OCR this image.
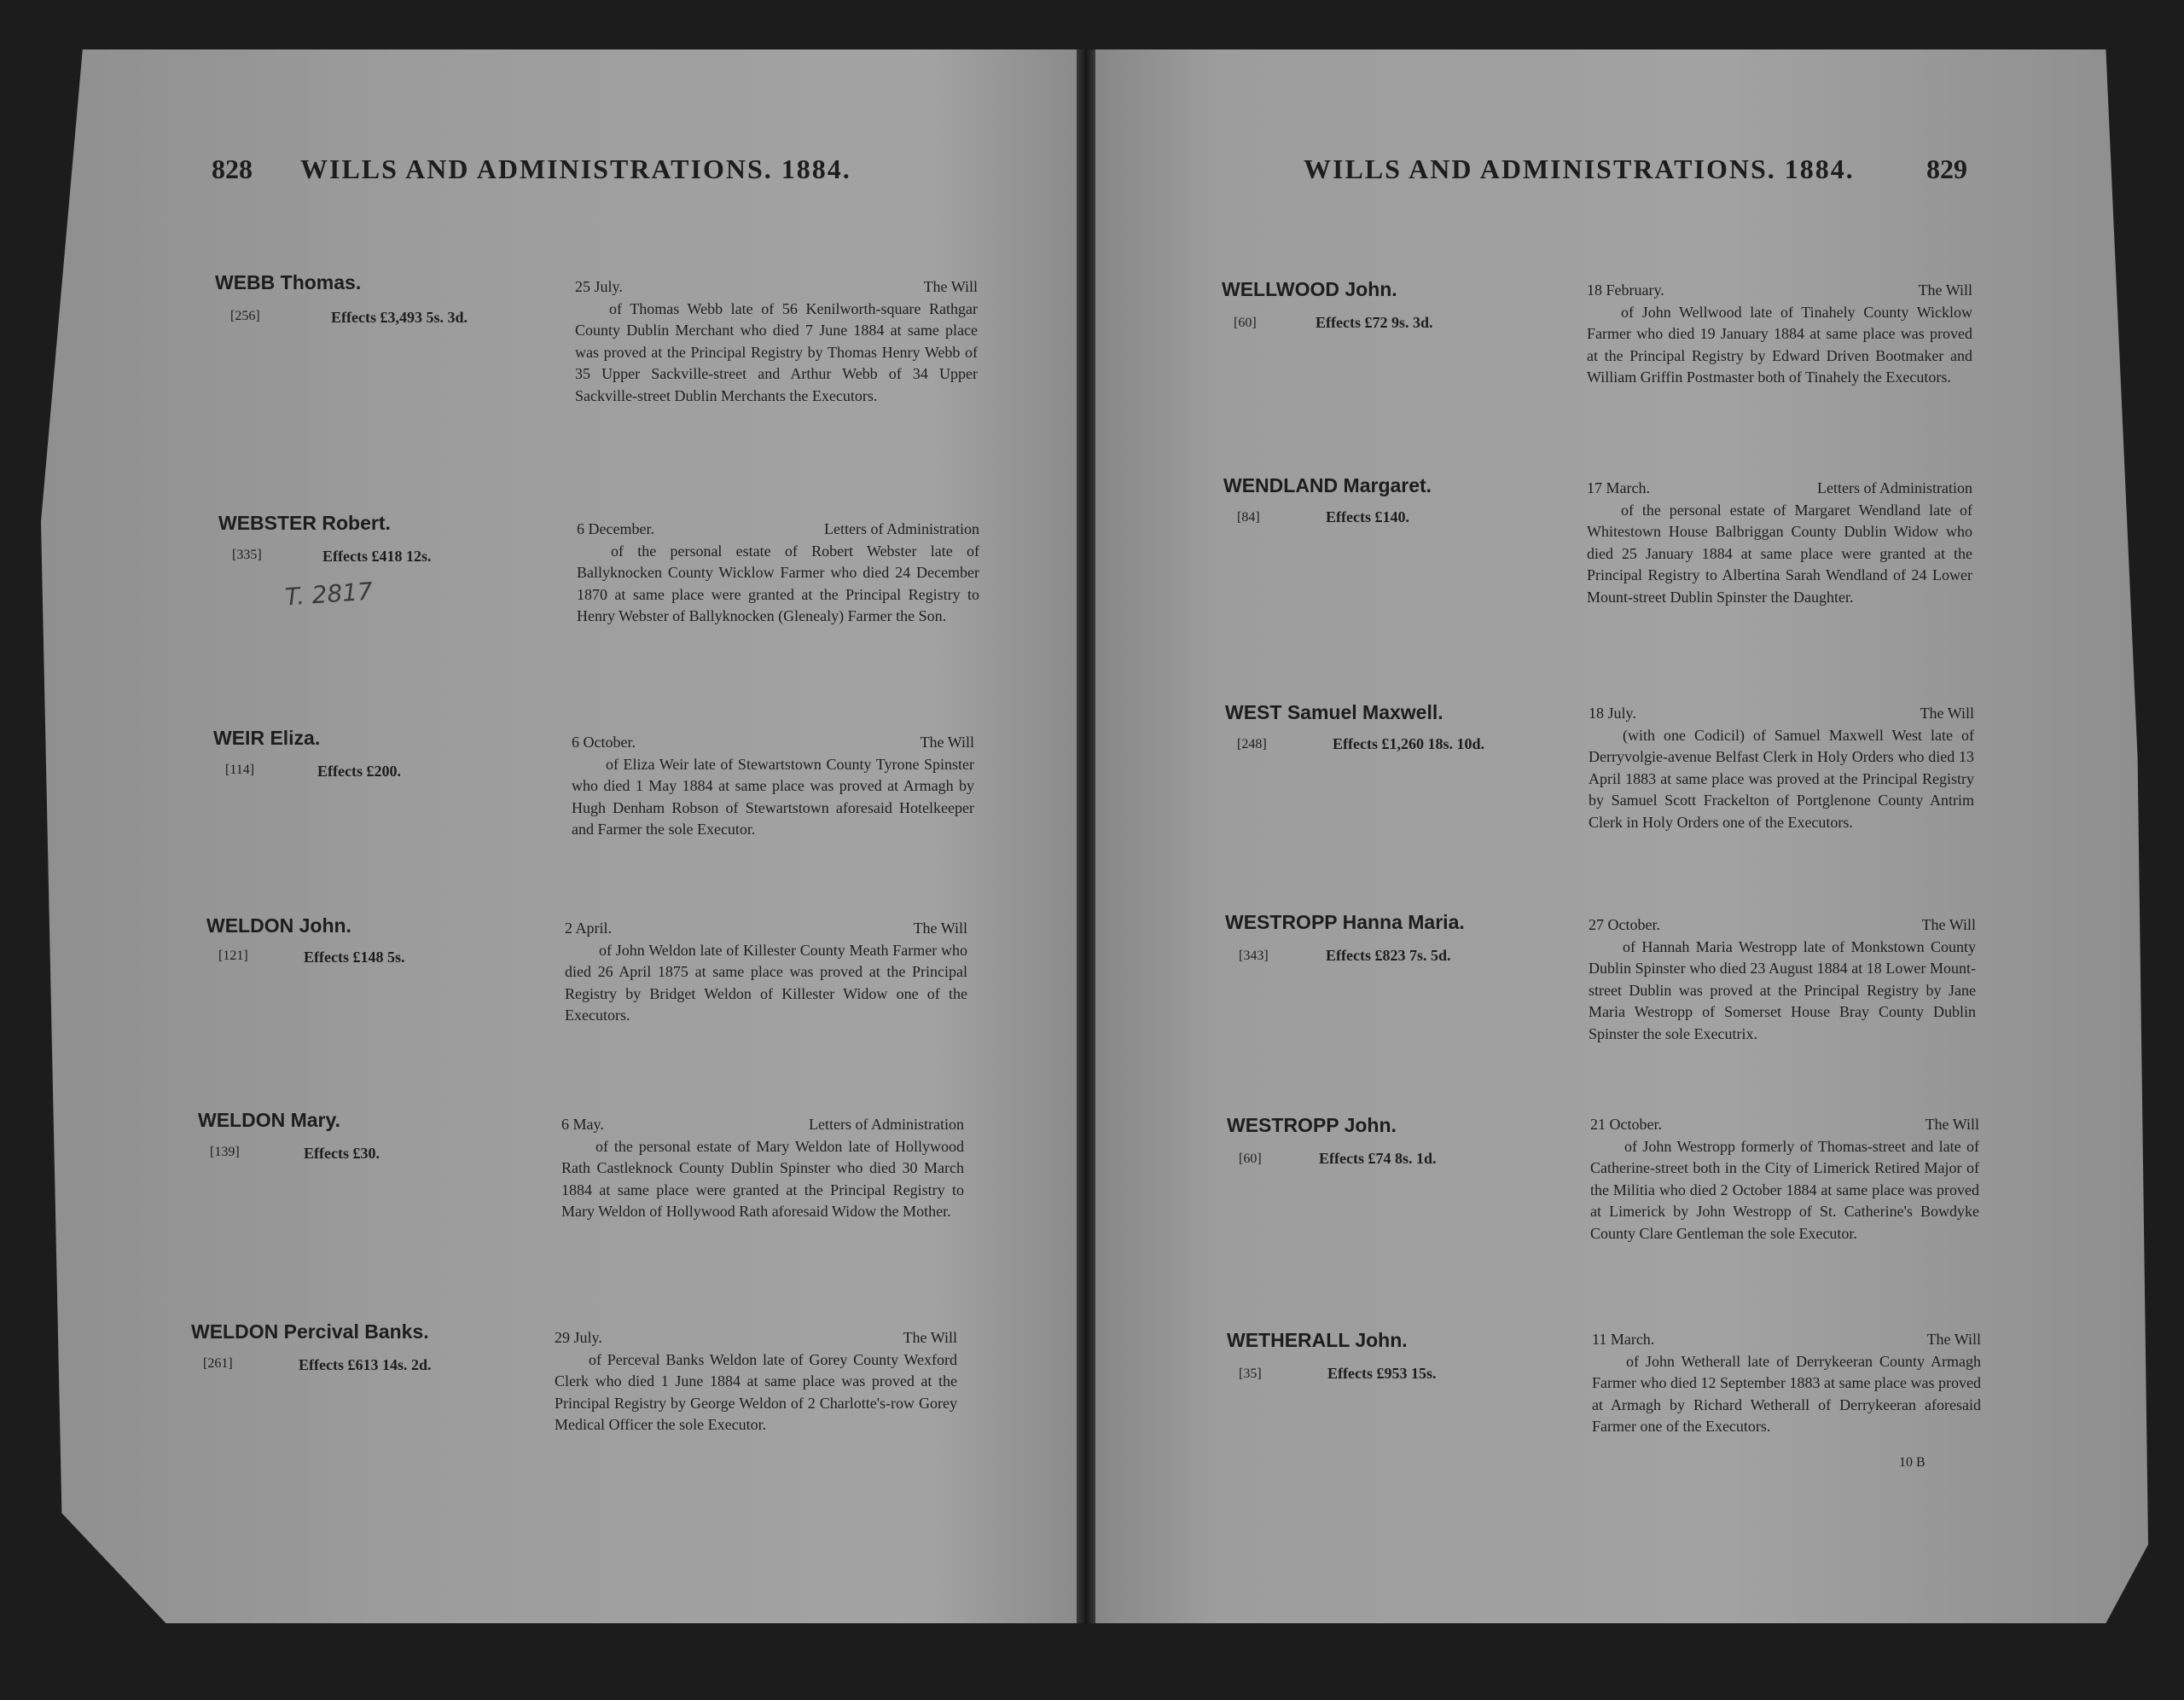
828 WILLS AND ADMINISTRATIONS. 1884.	WILLS AND ADMINISTRATIONS. 1884.	829
WEBB Thomas.
[256]	Effects £3,493 5s. 3d.
25 July.	The Will
of Thomas Webb late of 56 Kenilworth-square Rathgar County Dublin Merchant who died 7 June 1884 at same place was proved at the Principal Registry by Thomas Henry Webb of 35 Upper Sackville-street and Arthur Webb of 34 Upper Sackville-street Dublin Merchants the Executors.
WEBSTER Robert.
[335]	Effects £418 12s.
6 December.	Letters of Administration
of the personal estate of Robert Webster late of Ballyknocken County Wicklow Farmer who died 24 December 1870 at same place were granted at the Principal Registry to Henry Webster of Ballyknocken (Glenealy) Farmer the Son.
T. 2817
WEIR Eliza.
[114]	Effects £200.
6 October.	The Will
of Eliza Weir late of Stewartstown County Tyrone Spinster who died 1 May 1884 at same place was proved at Armagh by Hugh Denham Robson of Stewartstown aforesaid Hotelkeeper and Farmer the sole Executor.
WELDON John.
[121]	Effects £148 5s.
2 April.	The Will
of John Weldon late of Killester County Meath Farmer who died 26 April 1875 at same place was proved at the Principal Registry by Bridget Weldon of Killester Widow one of the Executors.
WELDON Mary.
[139]	Effects £30.
6 May.	Letters of Administration
of the personal estate of Mary Weldon late of Hollywood Rath Castleknock County Dublin Spinster who died 30 March 1884 at same place were granted at the Principal Registry to Mary Weldon of Hollywood Rath aforesaid Widow the Mother.
WELDON Percival Banks.
[261]	Effects £613 14s. 2d.
29 July.	The Will
of Perceval Banks Weldon late of Gorey County Wexford Clerk who died 1 June 1884 at same place was proved at the Principal Registry by George Weldon of 2 Charlotte's-row Gorey Medical Officer the sole Executor.
WELLWOOD John.
[60]	Effects £72 9s. 3d.
18 February.	The Will
of John Wellwood late of Tinahely County Wicklow Farmer who died 19 January 1884 at same place was proved at the Principal Registry by Edward Driven Bootmaker and William Griffin Postmaster both of Tinahely the Executors.
WENDLAND Margaret.
[84]	Effects £140.
17 March.	Letters of Administration
of the personal estate of Margaret Wendland late of Whitestown House Balbriggan County Dublin Widow who died 25 January 1884 at same place were granted at the Principal Registry to Albertina Sarah Wendland of 24 Lower Mount-street Dublin Spinster the Daughter.
WEST Samuel Maxwell.
[248]	Effects £1,260 18s. 10d.
18 July.	The Will
(with one Codicil) of Samuel Maxwell West late of Derryvolgie-avenue Belfast Clerk in Holy Orders who died 13 April 1883 at same place was proved at the Principal Registry by Samuel Scott Frackelton of Portglenone County Antrim Clerk in Holy Orders one of the Executors.
WESTROPP Hanna Maria.
[343]	Effects £823 7s. 5d.
27 October.	The Will
of Hannah Maria Westropp late of Monkstown County Dublin Spinster who died 23 August 1884 at 18 Lower Mount-street Dublin was proved at the Principal Registry by Jane Maria Westropp of Somerset House Bray County Dublin Spinster the sole Executrix.
WESTROPP John.
[60]	Effects £74 8s. 1d.
21 October.	The Will
of John Westropp formerly of Thomas-street and late of Catherine-street both in the City of Limerick Retired Major of the Militia who died 2 October 1884 at same place was proved at Limerick by John Westropp of St. Catherine's Bowdyke County Clare Gentleman the sole Executor.
WETHERALL John.
[35]	Effects £953 15s.
11 March.	The Will
of John Wetherall late of Derrykeeran County Armagh Farmer who died 12 September 1883 at same place was proved at Armagh by Richard Wetherall of Derrykeeran aforesaid Farmer one of the Executors.
10 B
